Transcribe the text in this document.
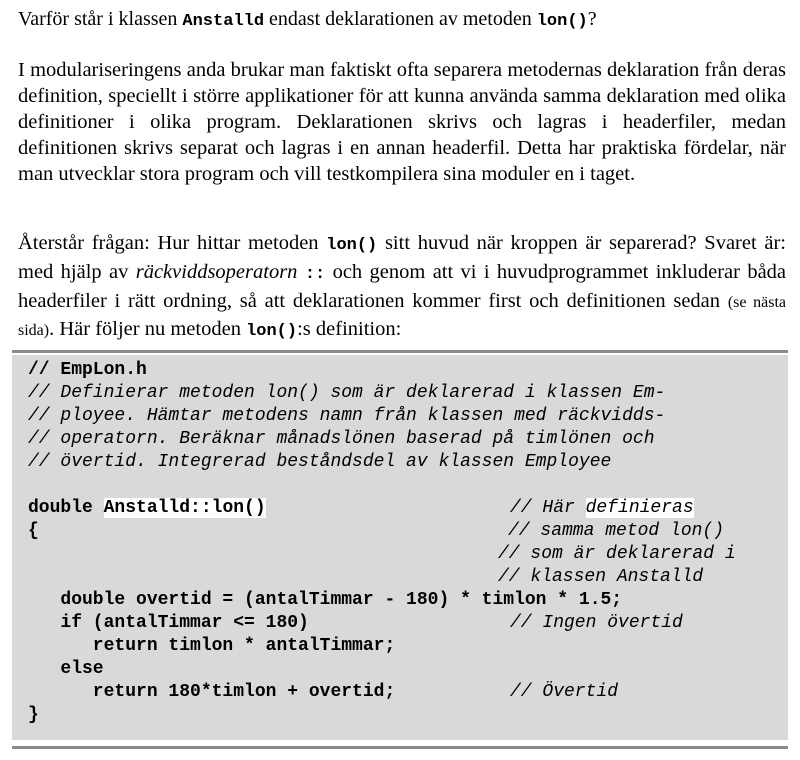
Varför står i klassen Anstalld endast deklarationen av metoden lon()?
I modulariseringens anda brukar man faktiskt ofta separera metodernas deklaration från deras definition, speciellt i större applikationer för att kunna använda samma deklaration med olika definitioner i olika program. Deklarationen skrivs och lagras i headerfiler, medan definitionen skrivs separat och lagras i en annan headerfil. Detta har praktiska fördelar, när man utvecklar stora program och vill testkompilera sina moduler en i taget.
Återstår frågan: Hur hittar metoden lon() sitt huvud när kroppen är separerad? Svaret är: med hjälp av räckviddsoperatorn :: och genom att vi i huvudprogrammet inkluderar båda headerfiler i rätt ordning, så att deklarationen kommer first och definitionen sedan (se nästa sida). Här följer nu metoden lon():s definition:
// EmpLon.h
// Definierar metoden lon() som är deklarerad i klassen Em-
// ployee. Hämtar metodens namn från klassen med räckvidds-
// operatorn. Beräknar månadslönen baserad på timlönen och
// övertid. Integrerad beståndsdel av klassen Employee
double Anstalld::lon()	// Här definieras
{	// samma metod lon()
// som är deklarerad i
// klassen Anstalld
double overtid = (antalTimmar - 180) * timlon * 1.5;
if (antalTimmar <= 180)	// Ingen övertid
return timlon * antalTimmar;
else
return 180*timlon + overtid;	// Övertid
}
